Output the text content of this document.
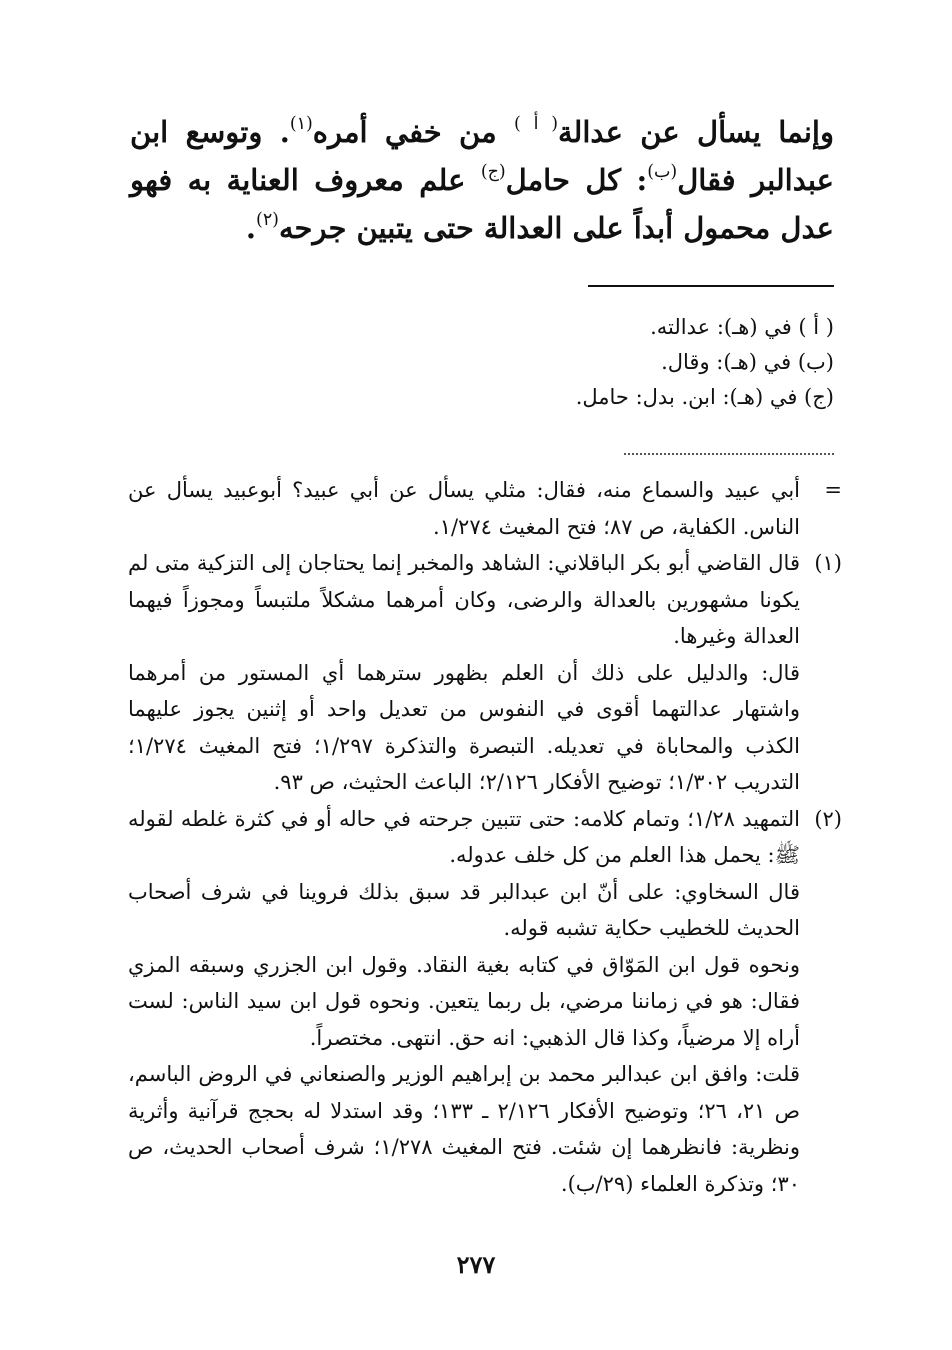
وإنما يسأل عن عدالة$^{( أ )}$ من خفي أمره$^{(١)}$. وتوسع ابن عبدالبر فقال$^{(ب)}$: كل حامل$^{(ج)}$ علم معروف العناية به فهو عدل محمول أبداً على العدالة حتى يتبين جرحه$^{(٢)}$.

( أ ) في (هـ): عدالته.
(ب) في (هـ): وقال.
(ج) في (هـ): ابن. بدل: حامل.
=

أبي عبيد والسماع منه، فقال: مثلي يسأل عن أبي عبيد؟ أبوعبيد يسأل عن الناس. الكفاية، ص ٨٧؛ فتح المغيث ١/٢٧٤.

(١)

قال القاضي أبو بكر الباقلاني: الشاهد والمخبر إنما يحتاجان إلى التزكية متى لم يكونا مشهورين بالعدالة والرضى، وكان أمرهما مشكلاً ملتبساً ومجوزاً فيهما العدالة وغيرها.

قال: والدليل على ذلك أن العلم بظهور سترهما أي المستور من أمرهما واشتهار عدالتهما أقوى في النفوس من تعديل واحد أو إثنين يجوز عليهما الكذب والمحاباة في تعديله. التبصرة والتذكرة ١/٢٩٧؛ فتح المغيث ١/٢٧٤؛ التدريب ١/٣٠٢؛ توضيح الأفكار ٢/١٢٦؛ الباعث الحثيث، ص ٩٣.

(٢)

التمهيد ١/٢٨؛ وتمام كلامه: حتى تتبين جرحته في حاله أو في كثرة غلطه لقوله ﷺ: يحمل هذا العلم من كل خلف عدوله.

قال السخاوي: على أنّ ابن عبدالبر قد سبق بذلك فروينا في شرف أصحاب الحديث للخطيب حكاية تشبه قوله.

ونحوه قول ابن المَوّاق في كتابه بغية النقاد. وقول ابن الجزري وسبقه المزي فقال: هو في زماننا مرضي، بل ربما يتعين. ونحوه قول ابن سيد الناس: لست أراه إلا مرضياً، وكذا قال الذهبي: انه حق. انتهى. مختصراً.

قلت: وافق ابن عبدالبر محمد بن إبراهيم الوزير والصنعاني في الروض الباسم، ص ٢١، ٢٦؛ وتوضيح الأفكار ٢/١٢٦ ـ ١٣٣؛ وقد استدلا له بحجج قرآنية وأثرية ونظرية: فانظرهما إن شئت. فتح المغيث ١/٢٧٨؛ شرف أصحاب الحديث، ص ٣٠؛ وتذكرة العلماء (٢٩/ب).

٢٧٧
